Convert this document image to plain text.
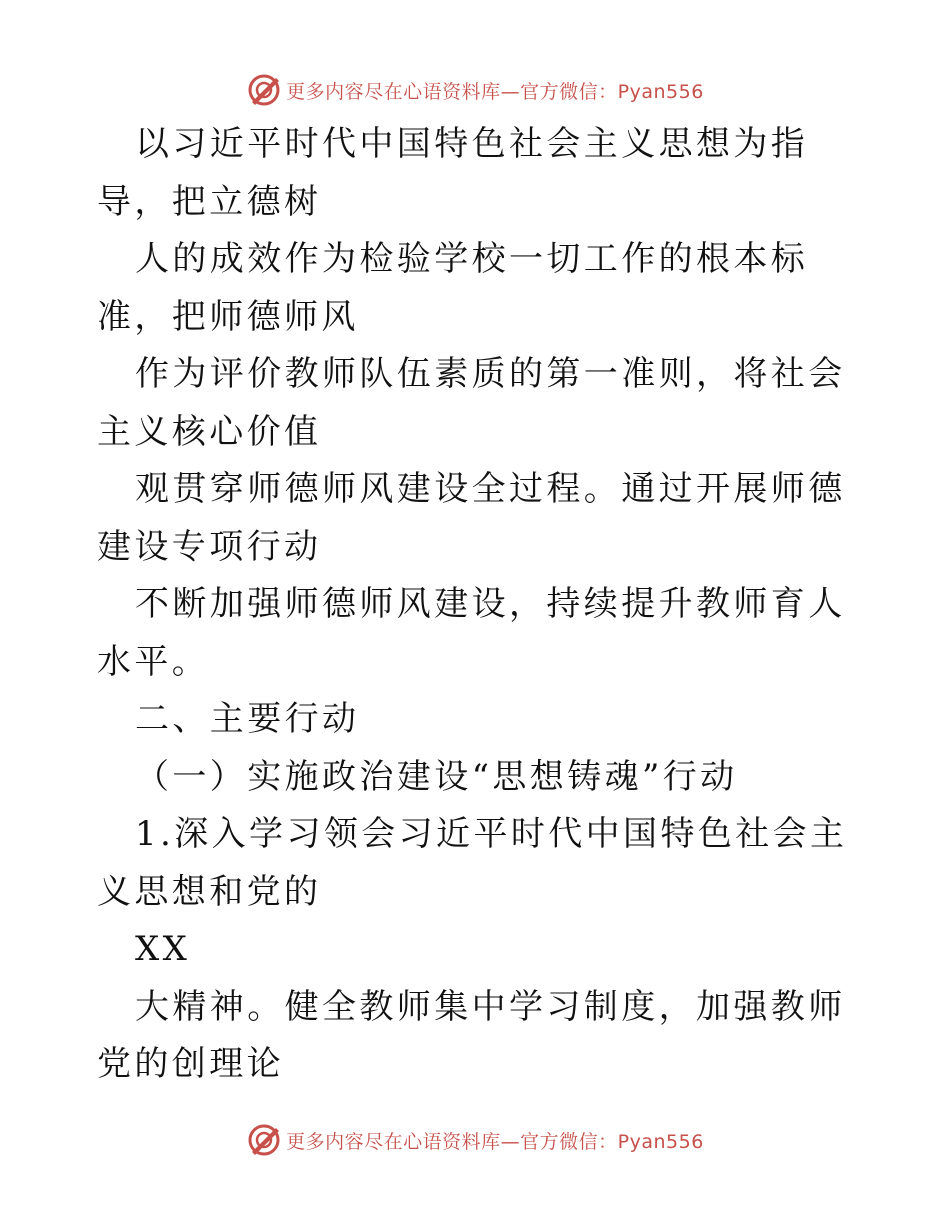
更多内容尽在心语资料库—官方微信：Pyan556

以习近平时代中国特色社会主义思想为指导，把立德树

人的成效作为检验学校一切工作的根本标准，把师德师风

作为评价教师队伍素质的第一准则，将社会主义核心价值

观贯穿师德师风建设全过程。通过开展师德建设专项行动

不断加强师德师风建设，持续提升教师育人水平。

二、主要行动

（一）实施政治建设“思想铸魂”行动

1.深入学习领会习近平时代中国特色社会主义思想和党的

XX

大精神。健全教师集中学习制度，加强教师党的创理论

更多内容尽在心语资料库—官方微信：Pyan556
